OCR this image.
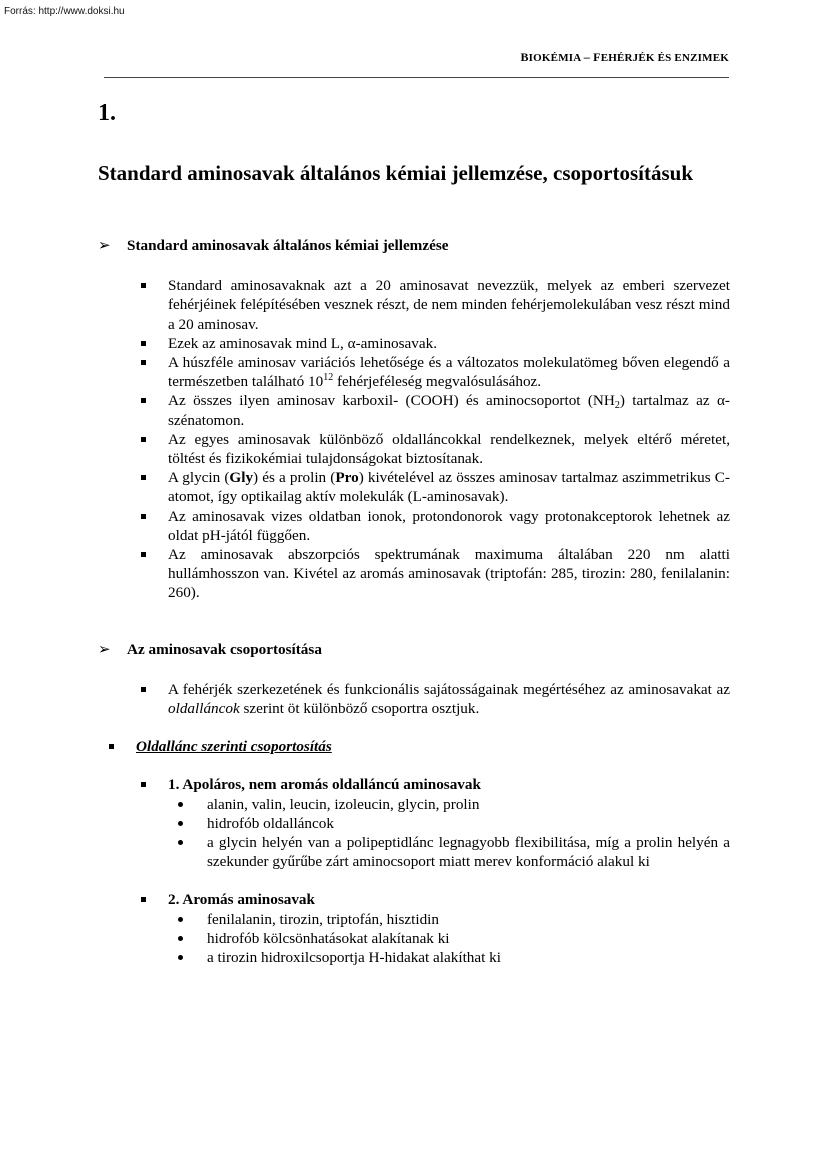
Forrás: http://www.doksi.hu
BIOKÉMIA – FEHÉRJÉK ÉS ENZIMEK
1.
Standard aminosavak általános kémiai jellemzése, csoportosításuk
➢	Standard aminosavak általános kémiai jellemzése
Standard aminosavaknak azt a 20 aminosavat nevezzük, melyek az emberi szervezet fehérjéinek felépítésében vesznek részt, de nem minden fehérjemolekulában vesz részt mind a 20 aminosav.
Ezek az aminosavak mind L, α-aminosavak.
A húszféle aminosav variációs lehetősége és a változatos molekulatömeg bőven elegendő a természetben található $10^{12}$ fehérjeféleség megvalósulásához.
Az összes ilyen aminosav karboxil- (COOH) és aminocsoportot $(NH_2)$ tartalmaz az α-szénatomon.
Az egyes aminosavak különböző oldalláncokkal rendelkeznek, melyek eltérő méretet, töltést és fizikokémiai tulajdonságokat biztosítanak.
A glycin (Gly) és a prolin (Pro) kivételével az összes aminosav tartalmaz aszimmetrikus C-atomot, így optikailag aktív molekulák (L-aminosavak).
Az aminosavak vizes oldatban ionok, protondonorok vagy protonakceptorok lehetnek az oldat pH-jától függően.
Az aminosavak abszorpciós spektrumának maximuma általában 220 nm alatti hullámhosszon van. Kivétel az aromás aminosavak (triptofán: 285, tirozin: 280, fenilalanin: 260).
➢	Az aminosavak csoportosítása
A fehérjék szerkezetének és funkcionális sajátosságainak megértéséhez az aminosavakat az oldalláncok szerint öt különböző csoportra osztjuk.
Oldallánc szerinti csoportosítás
1. Apoláros, nem aromás oldalláncú aminosavak
alanin, valin, leucin, izoleucin, glycin, prolin
hidrofób oldalláncok
a glycin helyén van a polipeptidlánc legnagyobb flexibilitása, míg a prolin helyén a szekunder gyűrűbe zárt aminocsoport miatt merev konformáció alakul ki
2. Aromás aminosavak
fenilalanin, tirozin, triptofán, hisztidin
hidrofób kölcsönhatásokat alakítanak ki
a tirozin hidroxilcsoportja H-hidakat alakíthat ki
